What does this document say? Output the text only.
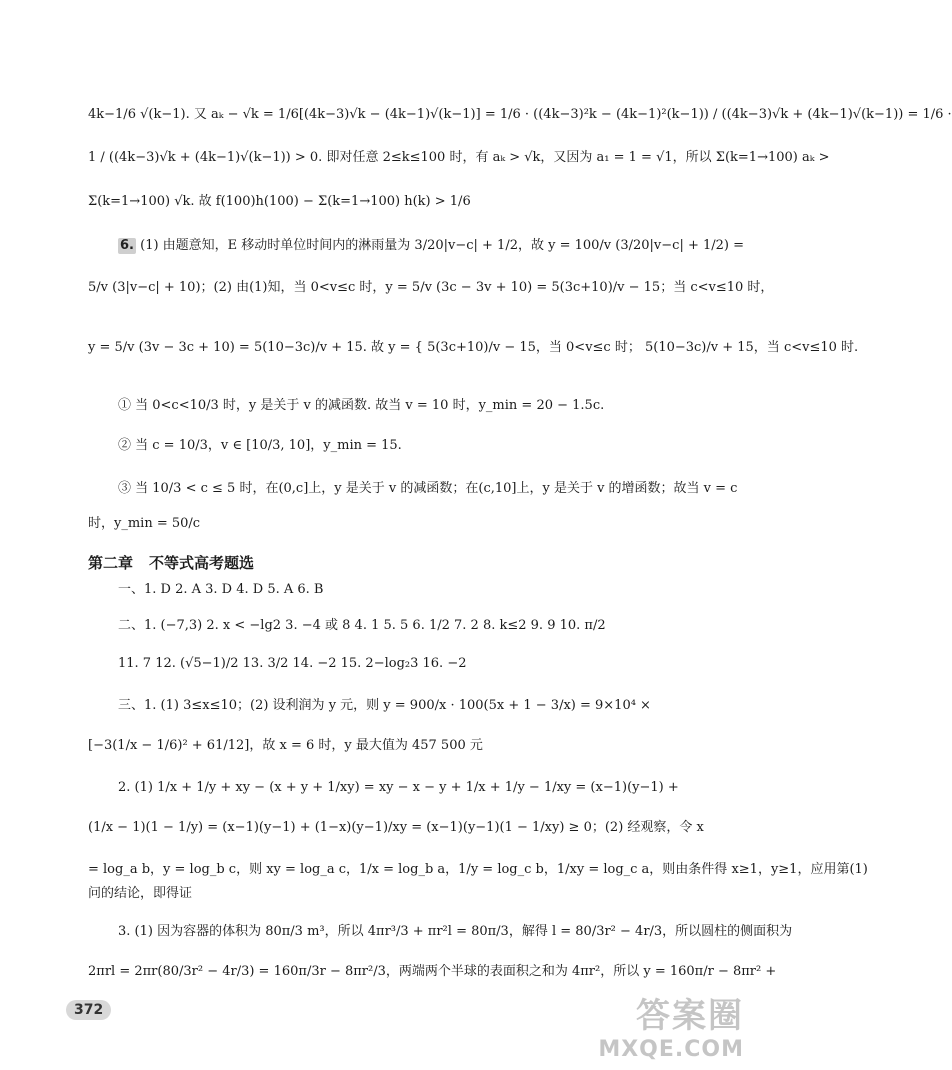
4k−1/6 √(k−1). 又 aₖ − √k = 1/6[(4k−3)√k − (4k−1)√(k−1)] = 1/6 · ((4k−3)²k − (4k−1)²(k−1)) / ((4k−3)√k + (4k−1)√(k−1)) = 1/6 ·
1 / ((4k−3)√k + (4k−1)√(k−1)) > 0. 即对任意 2≤k≤100 时，有 aₖ > √k，又因为 a₁ = 1 = √1，所以 Σ(k=1→100) aₖ >
Σ(k=1→100) √k. 故 f(100)h(100) − Σ(k=1→100) h(k) > 1/6
6. (1) 由题意知，E 移动时单位时间内的淋雨量为 3/20|v−c| + 1/2，故 y = 100/v (3/20|v−c| + 1/2) =
5/v (3|v−c| + 10)；(2) 由(1)知，当 0<v≤c 时，y = 5/v (3c − 3v + 10) = 5(3c+10)/v − 15；当 c<v≤10 时，
y = 5/v (3v − 3c + 10) = 5(10−3c)/v + 15. 故 y = { 5(3c+10)/v − 15，当 0<v≤c 时； 5(10−3c)/v + 15，当 c<v≤10 时.
① 当 0<c<10/3 时，y 是关于 v 的减函数. 故当 v = 10 时，y_min = 20 − 1.5c.
② 当 c = 10/3，v ∈ [10/3, 10]，y_min = 15.
③ 当 10/3 < c ≤ 5 时，在(0,c]上，y 是关于 v 的减函数；在(c,10]上，y 是关于 v 的增函数；故当 v = c
时，y_min = 50/c
第二章 不等式高考题选
一、1. D 2. A 3. D 4. D 5. A 6. B
二、1. (−7,3) 2. x < −lg2 3. −4 或 8 4. 1 5. 5 6. 1/2 7. 2 8. k≤2 9. 9 10. π/2
11. 7 12. (√5−1)/2 13. 3/2 14. −2 15. 2−log₂3 16. −2
三、1. (1) 3≤x≤10；(2) 设利润为 y 元，则 y = 900/x · 100(5x + 1 − 3/x) = 9×10⁴ ×
[−3(1/x − 1/6)² + 61/12]，故 x = 6 时，y 最大值为 457 500 元
2. (1) 1/x + 1/y + xy − (x + y + 1/xy) = xy − x − y + 1/x + 1/y − 1/xy = (x−1)(y−1) +
(1/x − 1)(1 − 1/y) = (x−1)(y−1) + (1−x)(y−1)/xy = (x−1)(y−1)(1 − 1/xy) ≥ 0；(2) 经观察，令 x
= log_a b，y = log_b c，则 xy = log_a c，1/x = log_b a，1/y = log_c b，1/xy = log_c a，则由条件得 x≥1，y≥1，应用第(1)
问的结论，即得证
3. (1) 因为容器的体积为 80π/3 m³，所以 4πr³/3 + πr²l = 80π/3，解得 l = 80/3r² − 4r/3，所以圆柱的侧面积为
2πrl = 2πr(80/3r² − 4r/3) = 160π/3r − 8πr²/3，两端两个半球的表面积之和为 4πr²，所以 y = 160π/r − 8πr² +
372	答案圈
MXQE.COM
